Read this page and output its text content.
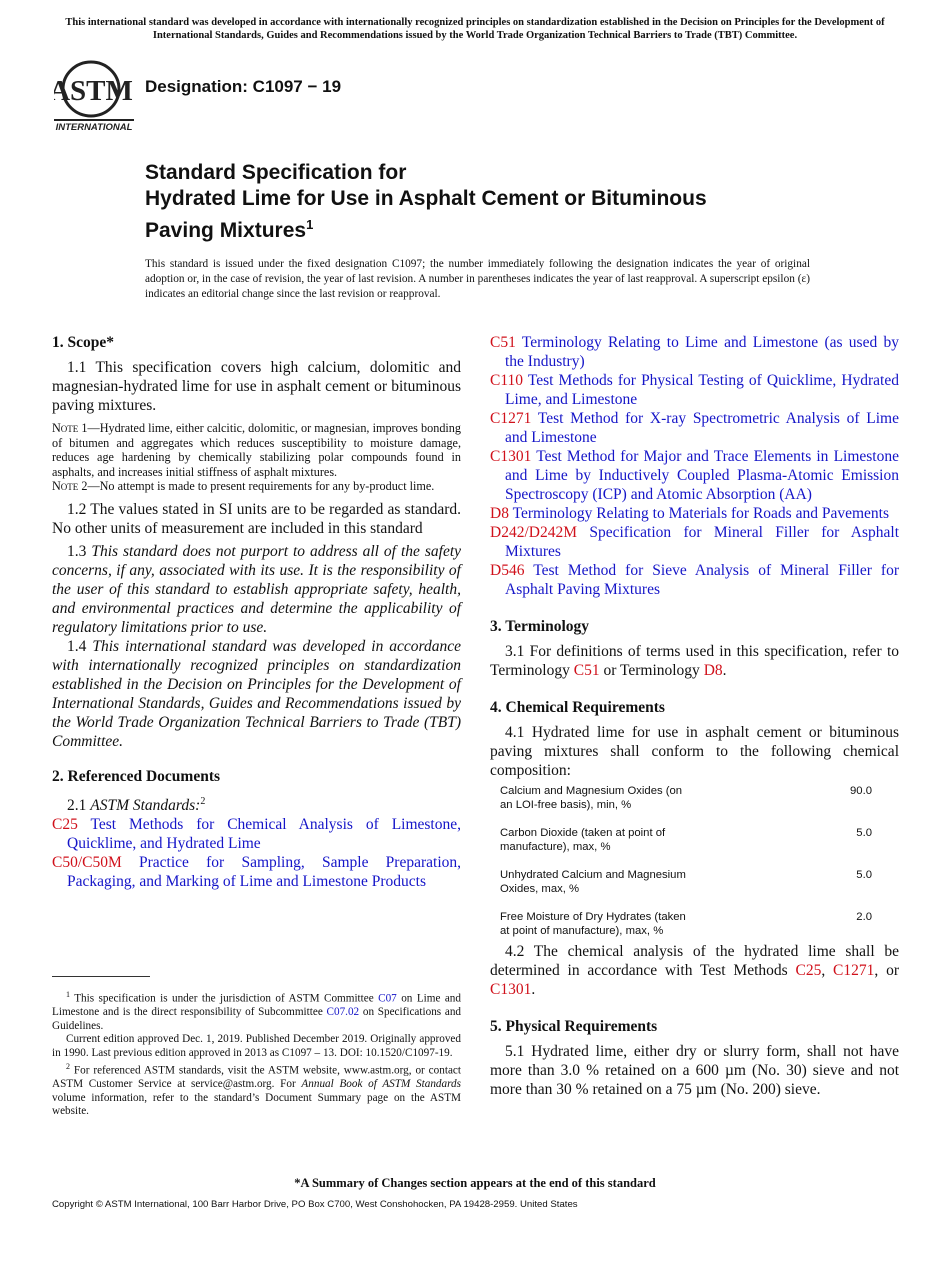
This international standard was developed in accordance with internationally recognized principles on standardization established in the Decision on Principles for the Development of International Standards, Guides and Recommendations issued by the World Trade Organization Technical Barriers to Trade (TBT) Committee.
ASTM
INTERNATIONAL
Designation: C1097 − 19
Standard Specification for
Hydrated Lime for Use in Asphalt Cement or Bituminous
Paving Mixtures$^1$
This standard is issued under the fixed designation C1097; the number immediately following the designation indicates the year of original adoption or, in the case of revision, the year of last revision. A number in parentheses indicates the year of last reapproval. A superscript epsilon (ε) indicates an editorial change since the last revision or reapproval.
1. Scope*

1.1 This specification covers high calcium, dolomitic and magnesian-hydrated lime for use in asphalt cement or bituminous paving mixtures.

Note 1—Hydrated lime, either calcitic, dolomitic, or magnesian, improves bonding of bitumen and aggregates which reduces susceptibility to moisture damage, reduces age hardening by chemically stabilizing polar compounds found in asphalts, and increases initial stiffness of asphalt mixtures.

Note 2—No attempt is made to present requirements for any by-product lime.

1.2 The values stated in SI units are to be regarded as standard. No other units of measurement are included in this standard

1.3 This standard does not purport to address all of the safety concerns, if any, associated with its use. It is the responsibility of the user of this standard to establish appropriate safety, health, and environmental practices and determine the applicability of regulatory limitations prior to use.

1.4 This international standard was developed in accordance with internationally recognized principles on standardization established in the Decision on Principles for the Development of International Standards, Guides and Recommendations issued by the World Trade Organization Technical Barriers to Trade (TBT) Committee.

2. Referenced Documents

2.1 ASTM Standards:$^2$

C25 Test Methods for Chemical Analysis of Limestone, Quicklime, and Hydrated Lime

C50/C50M Practice for Sampling, Sample Preparation, Packaging, and Marking of Lime and Limestone Products

C51 Terminology Relating to Lime and Limestone (as used by the Industry)

C110 Test Methods for Physical Testing of Quicklime, Hydrated Lime, and Limestone

C1271 Test Method for X-ray Spectrometric Analysis of Lime and Limestone

C1301 Test Method for Major and Trace Elements in Limestone and Lime by Inductively Coupled Plasma-Atomic Emission Spectroscopy (ICP) and Atomic Absorption (AA)

D8 Terminology Relating to Materials for Roads and Pavements

D242/D242M Specification for Mineral Filler for Asphalt Mixtures

D546 Test Method for Sieve Analysis of Mineral Filler for Asphalt Paving Mixtures

3. Terminology

3.1 For definitions of terms used in this specification, refer to Terminology C51 or Terminology D8.

4. Chemical Requirements

4.1 Hydrated lime for use in asphalt cement or bituminous paving mixtures shall conform to the following chemical composition:

Calcium and Magnesium Oxides (on an LOI-free basis), min, %	90.0
Carbon Dioxide (taken at point of manufacture), max, %	5.0
Unhydrated Calcium and Magnesium Oxides, max, %	5.0
Free Moisture of Dry Hydrates (taken at point of manufacture), max, %	2.0

4.2 The chemical analysis of the hydrated lime shall be determined in accordance with Test Methods C25, C1271, or C1301.

5. Physical Requirements

5.1 Hydrated lime, either dry or slurry form, shall not have more than 3.0 % retained on a 600 µm (No. 30) sieve and not more than 30 % retained on a 75 µm (No. 200) sieve.

$^1$ This specification is under the jurisdiction of ASTM Committee C07 on Lime and Limestone and is the direct responsibility of Subcommittee C07.02 on Specifications and Guidelines.

Current edition approved Dec. 1, 2019. Published December 2019. Originally approved in 1990. Last previous edition approved in 2013 as C1097 – 13. DOI: 10.1520/C1097-19.

$^2$ For referenced ASTM standards, visit the ASTM website, www.astm.org, or contact ASTM Customer Service at service@astm.org. For Annual Book of ASTM Standards volume information, refer to the standard’s Document Summary page on the ASTM website.

*A Summary of Changes section appears at the end of this standard
Copyright © ASTM International, 100 Barr Harbor Drive, PO Box C700, West Conshohocken, PA 19428-2959. United States
